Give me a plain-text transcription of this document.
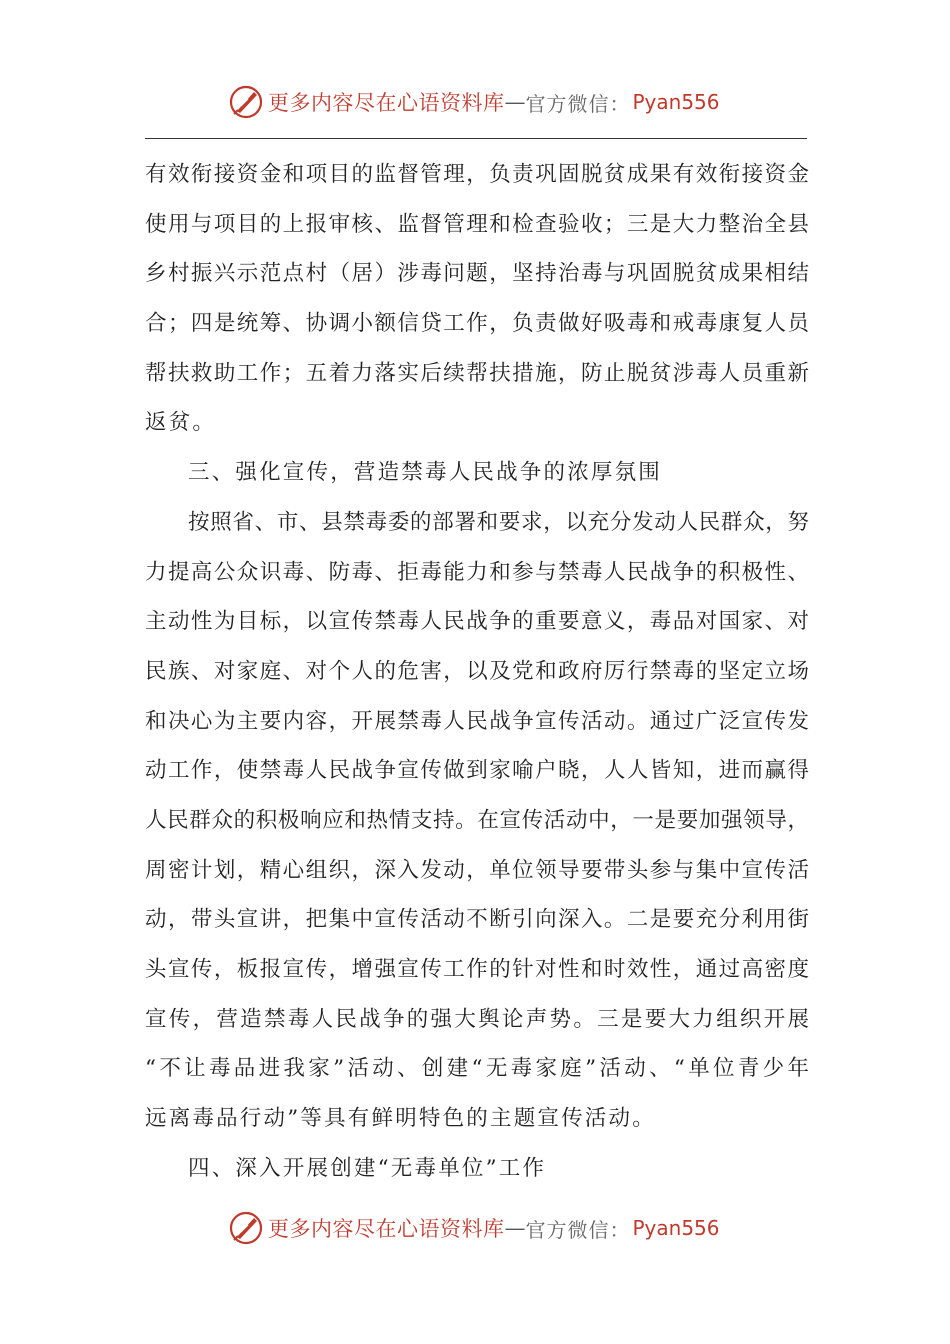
更多内容尽在心语资料库 — 官方微信： Pyan556
有效衔接资金和项目的监督管理，负责巩固脱贫成果有效衔接资金
使用与项目的上报审核、监督管理和检查验收；三是大力整治全县
乡村振兴示范点村（居）涉毒问题，坚持治毒与巩固脱贫成果相结
合；四是统筹、协调小额信贷工作，负责做好吸毒和戒毒康复人员
帮扶救助工作；五着力落实后续帮扶措施，防止脱贫涉毒人员重新
返贫。
三、强化宣传，营造禁毒人民战争的浓厚氛围
按照省、市、县禁毒委的部署和要求，以充分发动人民群众，努
力提高公众识毒、防毒、拒毒能力和参与禁毒人民战争的积极性、
主动性为目标，以宣传禁毒人民战争的重要意义，毒品对国家、对
民族、对家庭、对个人的危害，以及党和政府厉行禁毒的坚定立场
和决心为主要内容，开展禁毒人民战争宣传活动。通过广泛宣传发
动工作，使禁毒人民战争宣传做到家喻户晓，人人皆知，进而赢得
人民群众的积极响应和热情支持。在宣传活动中，一是要加强领导，
周密计划，精心组织，深入发动，单位领导要带头参与集中宣传活
动，带头宣讲，把集中宣传活动不断引向深入。二是要充分利用街
头宣传，板报宣传，增强宣传工作的针对性和时效性，通过高密度
宣传，营造禁毒人民战争的强大舆论声势。三是要大力组织开展
“不让毒品进我家”活动、创建“无毒家庭”活动、“单位青少年
远离毒品行动”等具有鲜明特色的主题宣传活动。
四、深入开展创建“无毒单位”工作
更多内容尽在心语资料库 — 官方微信： Pyan556
